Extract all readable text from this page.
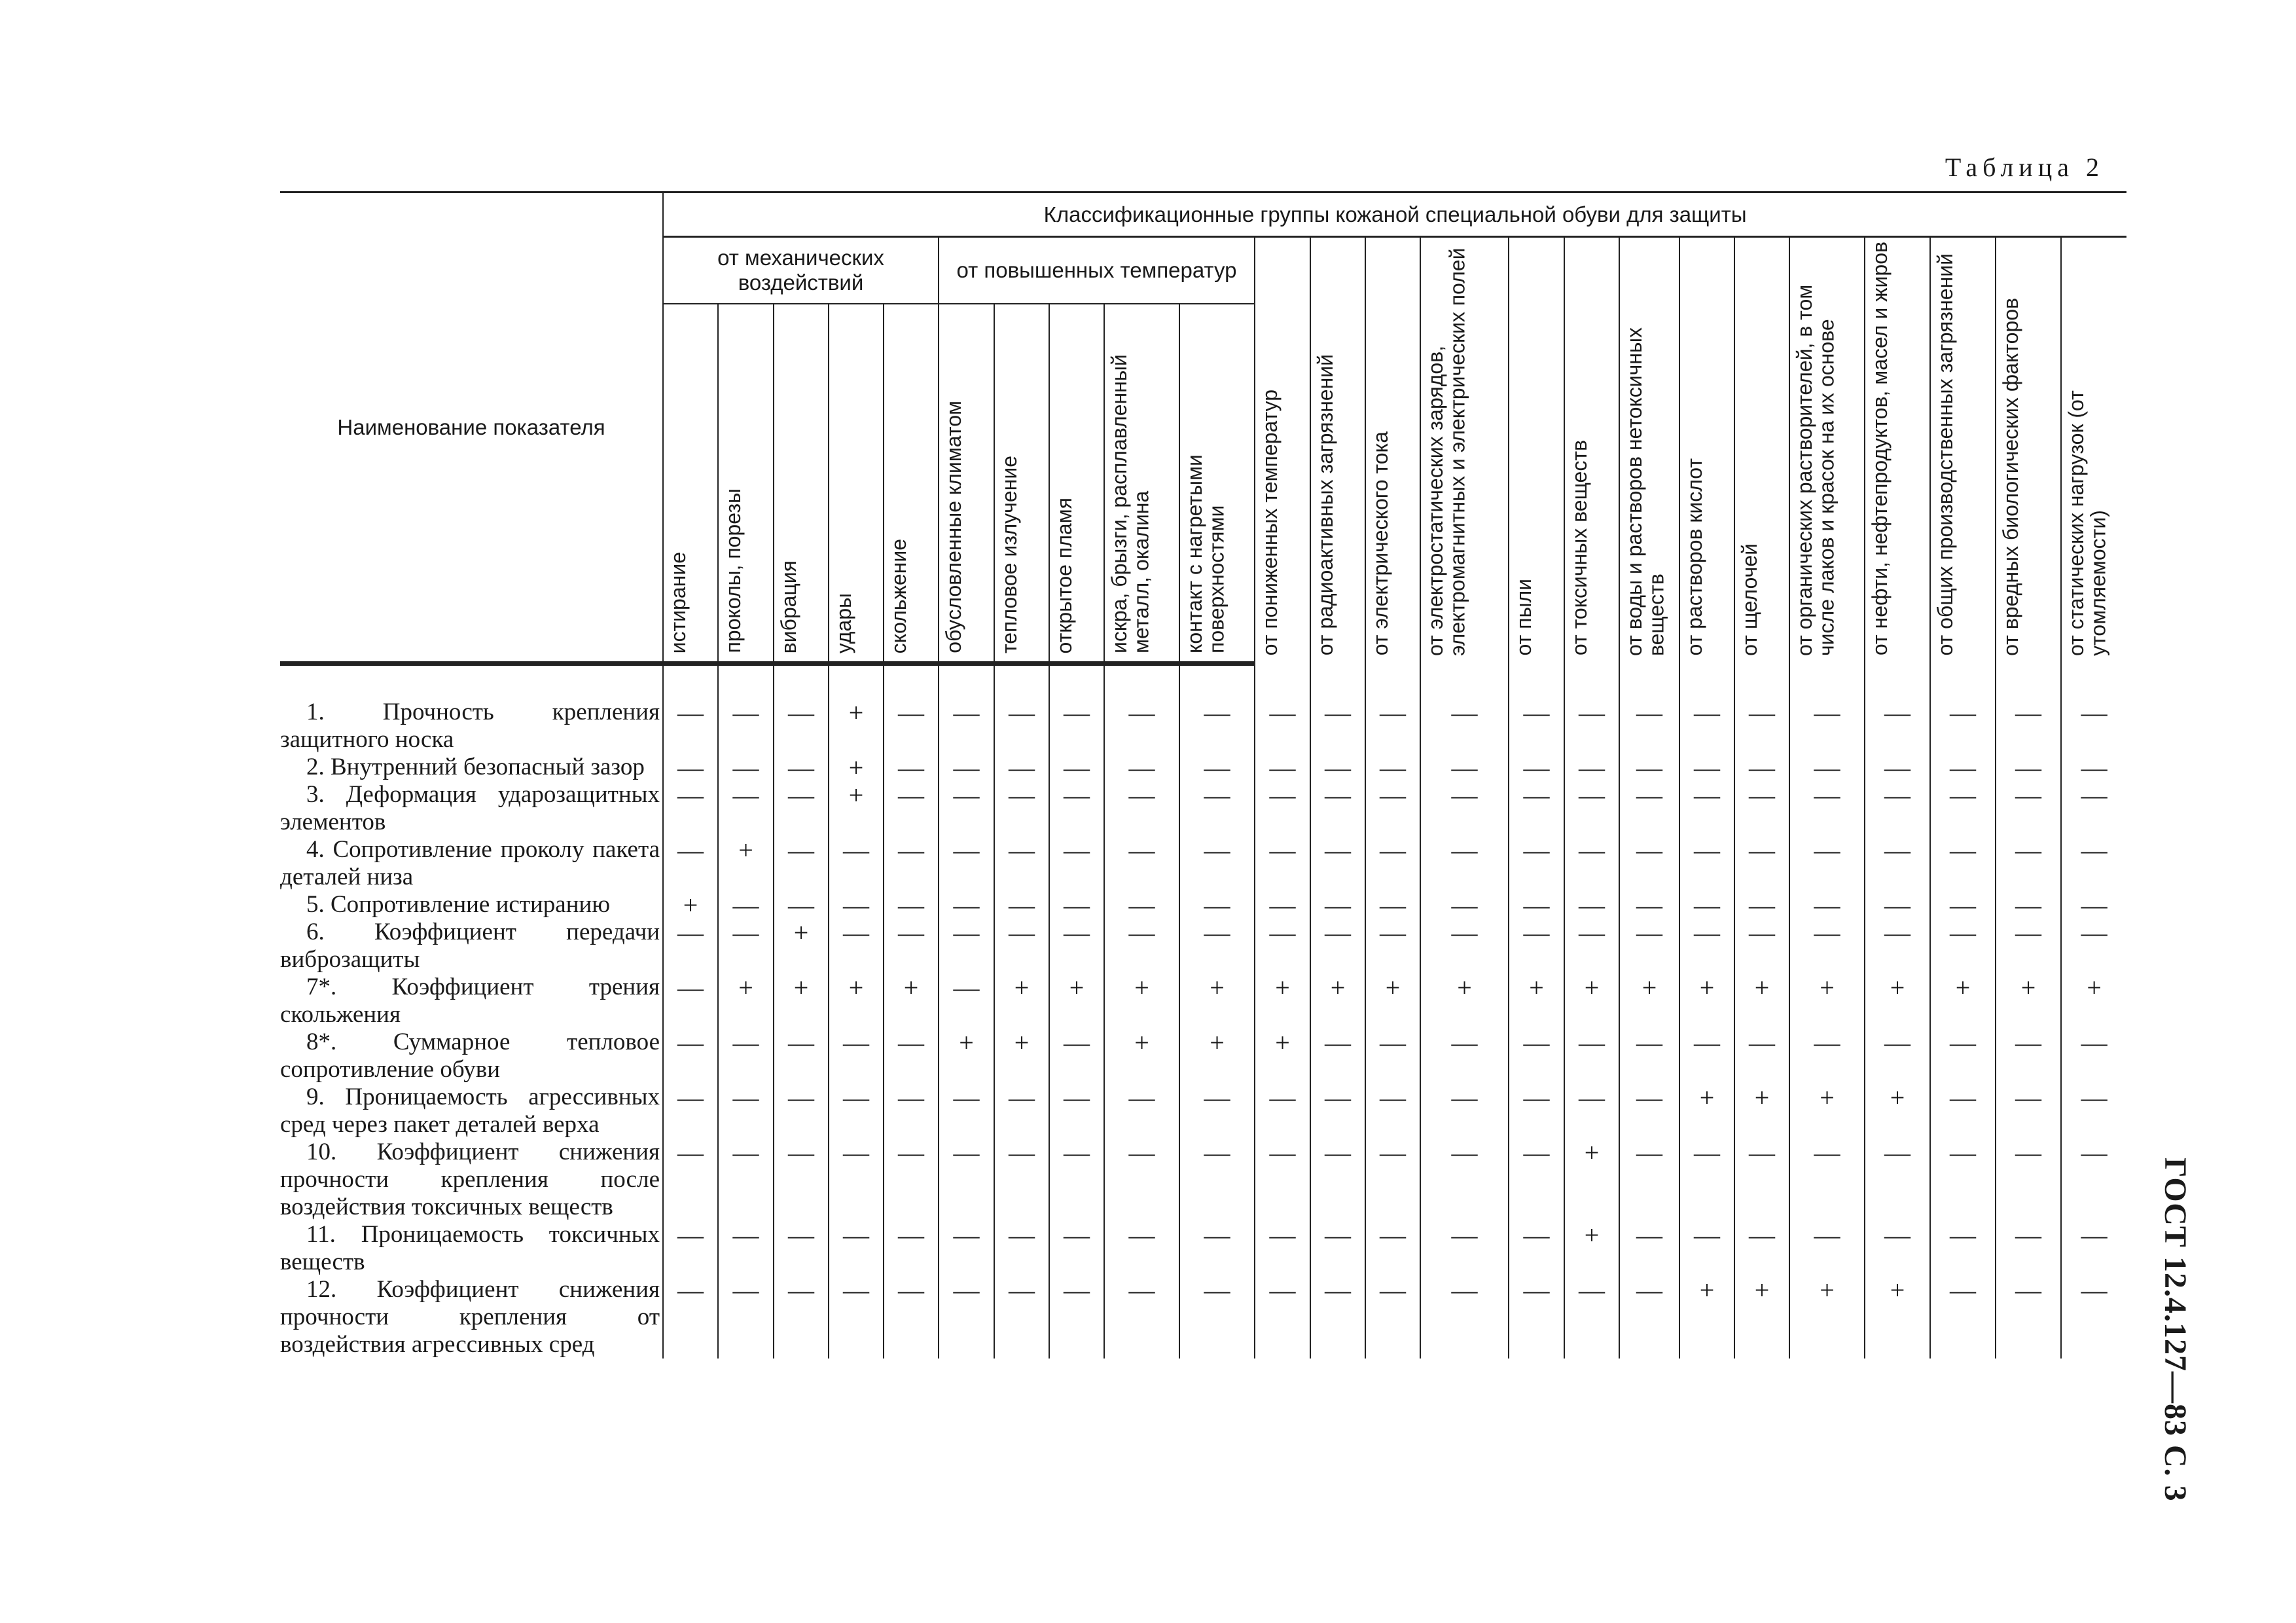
Таблица 2
Наименование показателя	Классификационные группы кожаной специальной обуви для защиты																							

от механических воздействий					от повышенных температур					от пониженных температур	от радиоактивных загрязнений	от электрического тока	от электростатических зарядов, электромагнитных и электрических полей	от пыли	от токсичных веществ	от воды и растворов нетоксичных веществ	от растворов кислот	от щелочей	от органических растворителей, в том числе лаков и красок на их основе	от нефти, нефтепродуктов, масел и жиров	от общих производственных загрязнений	от вредных биологических факторов	от статических нагрузок (от утомляемости)

	истирание	проколы, порезы	вибрация	удары	скольжение	обусловленные климатом	тепловое излучение	открытое пламя	искра, брызги, расплавленный металл, окалина	контакт с нагретыми поверхностями														

1. Прочность крепления защитного носка	—	—	—	+	—	—	—	—	—	—	—	—	—	—	—	—	—	—	—	—	—	—	—	—
2. Внутренний безопасный зазор	—	—	—	+	—	—	—	—	—	—	—	—	—	—	—	—	—	—	—	—	—	—	—	—
3. Деформация ударозащитных элементов	—	—	—	+	—	—	—	—	—	—	—	—	—	—	—	—	—	—	—	—	—	—	—	—
4. Сопротивление проколу пакета деталей низа	—	+	—	—	—	—	—	—	—	—	—	—	—	—	—	—	—	—	—	—	—	—	—	—
5. Сопротивление истиранию	+	—	—	—	—	—	—	—	—	—	—	—	—	—	—	—	—	—	—	—	—	—	—	—
6. Коэффициент передачи виброзащиты	—	—	+	—	—	—	—	—	—	—	—	—	—	—	—	—	—	—	—	—	—	—	—	—
7*. Коэффициент трения скольжения	—	+	+	+	+	—	+	+	+	+	+	+	+	+	+	+	+	+	+	+	+	+	+	+
8*. Суммарное тепловое сопротивление обуви	—	—	—	—	—	+	+	—	+	+	+	—	—	—	—	—	—	—	—	—	—	—	—	—
9. Проницаемость агрессивных сред через пакет деталей верха	—	—	—	—	—	—	—	—	—	—	—	—	—	—	—	—	—	+	+	+	+	—	—	—
10. Коэффициент снижения прочности крепления после воздействия токсичных веществ	—	—	—	—	—	—	—	—	—	—	—	—	—	—	—	+	—	—	—	—	—	—	—	—
11. Проницаемость токсичных веществ	—	—	—	—	—	—	—	—	—	—	—	—	—	—	—	+	—	—	—	—	—	—	—	—
12. Коэффициент снижения прочности крепления от воздействия агрессивных сред	—	—	—	—	—	—	—	—	—	—	—	—	—	—	—	—	—	+	+	+	+	—	—	— ГОСТ 12.4.127—83 С. 3
